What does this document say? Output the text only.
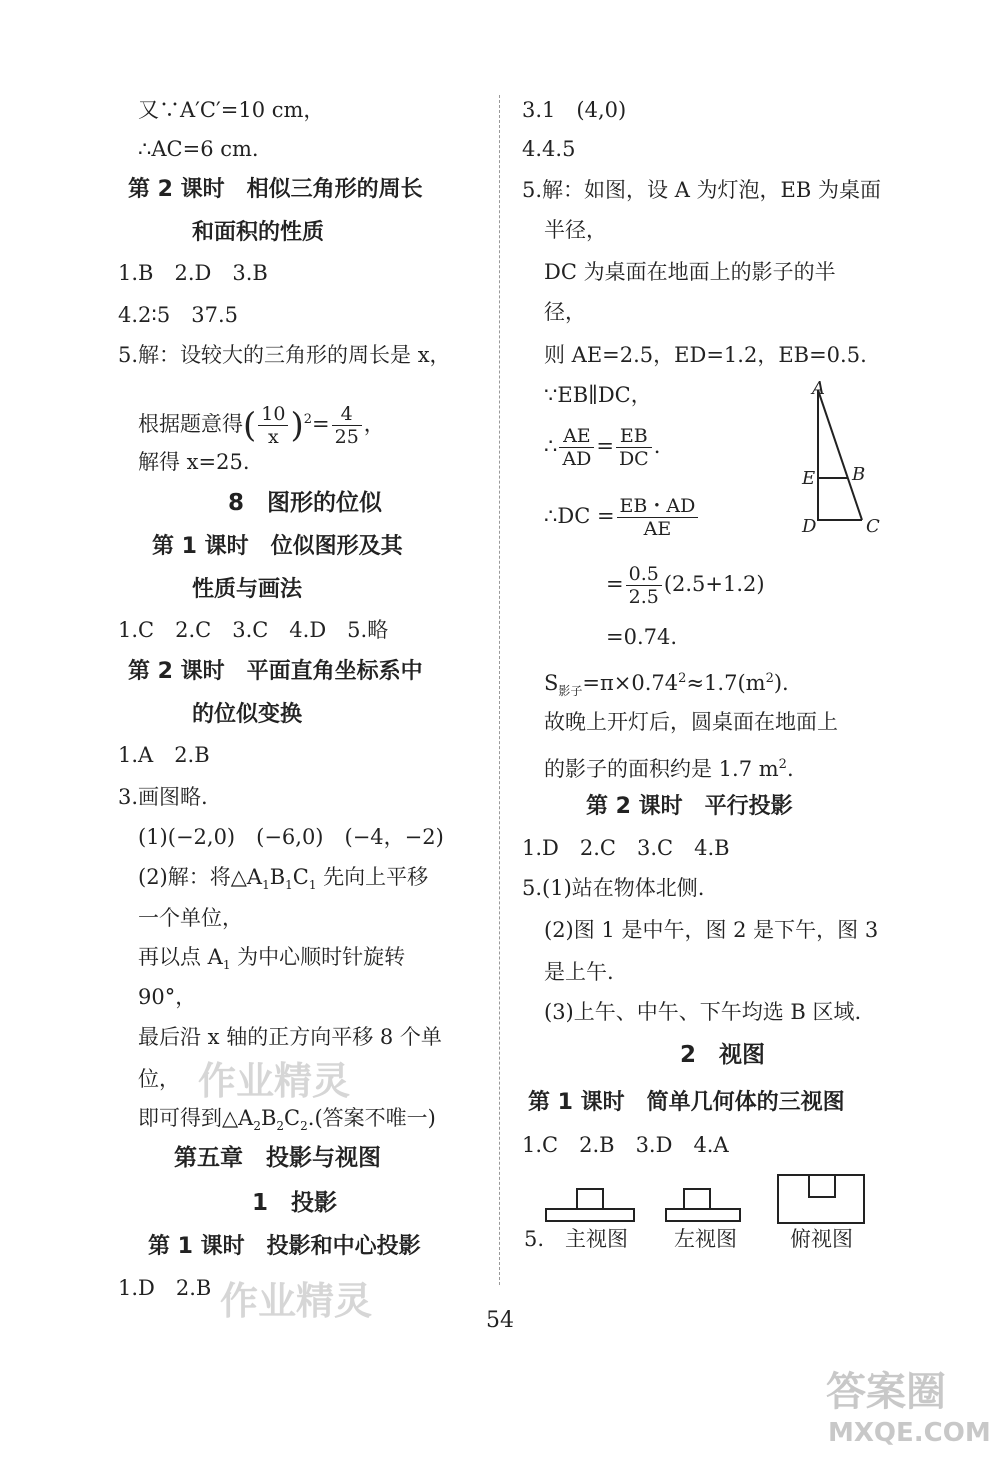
又∵A′C′=10 cm，
∴AC=6 cm.
第 2 课时　相似三角形的周长
和面积的性质
1.B　2.D　3.B
4.2∶5　37.5
5.解：设较大的三角形的周长是 x，
根据题意得( $\frac{10}{x} )^2= \frac{4}{25}$ ，
解得 x=25.
8　图形的位似
第 1 课时　位似图形及其
性质与画法
1.C　2.C　3.C　4.D　5.略
第 2 课时　平面直角坐标系中
的位似变换
1.A　2.B
3.画图略.
(1)(−2,0)　(−6,0)　(−4，−2)
(2)解：将$\triangle A_1B_1C_1$ 先向上平移
一个单位，
再以点 $A_1$ 为中心顺时针旋转
90°，
最后沿 x 轴的正方向平移 8 个单
位，
即可得到$\triangle A_2B_2C_2$.(答案不唯一)
第五章　投影与视图
1　投影
第 1 课时　投影和中心投影
1.D　2.B
3.1　(4,0)
4.4.5
5.解：如图，设 A 为灯泡，EB 为桌面
半径，
DC 为桌面在地面上的影子的半
径，
则 AE=2.5，ED=1.2，EB=0.5.
∵EB∥DC，
∴ $\frac{AE}{AD} = \frac{EB}{DC}$ .
∴DC = $\frac{EB・AD}{AE}$
= $\frac{0.5}{2.5} (2.5+1.2)$
=0.74.
$S_{影子}=\pi\times 0.74^2\approx 1.7(m^2)$.
故晚上开灯后，圆桌面在地面上
的影子的面积约是 1.7 $m^2$.
第 2 课时　平行投影
1.D　2.C　3.C　4.B
5.(1)站在物体北侧.
(2)图 1 是中午，图 2 是下午，图 3
是上午.
(3)上午、中午、下午均选 B 区域.
2　视图
第 1 课时　简单几何体的三视图
1.C　2.B　3.D　4.A
5. 主视图 左视图	俯视图
A
E B
D	C
54
作业精灵
作业精灵
答案圈
MXQE.COM
